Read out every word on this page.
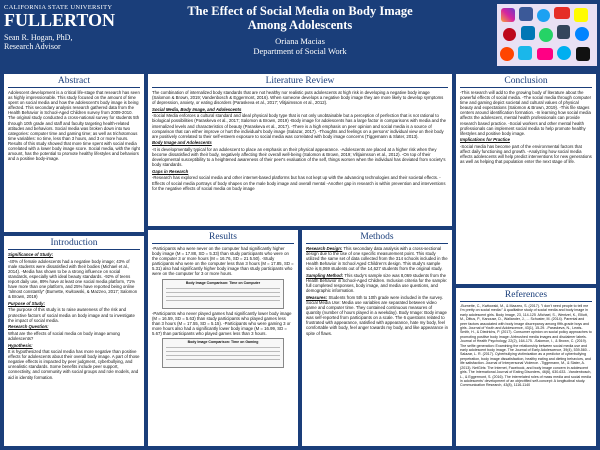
CALIFORNIA STATE UNIVERSITY
FULLERTON
Sean R. Hogan, PhD,
Research Advisor
The Effect of Social Media on Body Image
Among Adolescents
Oriana Macias
Department of Social Work
Abstract

Adolescent development is a critical life-stage that research has seen as highly impressionable. This study focused on the amount of time spent on social media and how the adolescent's body image is being affected. This secondary analysis research gathered data from the Health Behavior in School-Aged Children survey from 2009-2010. The original study conducted a cross-national survey for students 5th through 10th grade and staff and faculty targeting health-related attitudes and behaviors. Social media was broken down into two categories: computer time and gaming time; as well as trichotomous time variables: no time, less than 3 hours, and 3 or more hours. Results of this study showed that more time spent with social media correlated with a lower body image score. Social media, with the right amount, has the potential to promote healthy lifestyles and behaviors and a positive body-image.

Introduction

Significance of Study:

-40% of female adolescents had a negative body image; 43% of male students were dissatisfied with their bodies (Michael et al., 2014). -Media has shown to be a strong influence on social standards, especially with ideal beauty standards. -92% of teens report daily use, 89% have at least one social media platform, 71% have more than one platform, and 25% have reported being online "almost constantly" (Burnette, Kwitowski, & Mazzeo, 2017; Salomon & Brown, 2019)

Purpose of Study:

The purpose of this study is to raise awareness of the risk and protective factors of social media on body image and to investigate the impact of social media.

Research Question:

What are the effects of social media on body image among adolescents?

Hypothesis:

It is hypothesized that social media has more negative than positive effects for adolescents about their overall body image. A part of those negative effects is impacted by peer judgment, cyberbullying, and unrealistic standards. Some benefits include peer support, connectivity, and community with social groups and role models, and aid in identity formation.

Literature Review

The combination of internalized body standards that are not healthy nor realistic puts adolescents at high risk in developing a negative body image (Salomon & Brown, 2019; Vandenbosch & Eggermont, 2016). When someone develops a negative body image they are more likely to develop symptoms of depression, anxiety, or eating disorders (Paraskeva et al., 2017; Vlitjaimsson et al., 2012).

Social Media, Body Image, and Adolescents

-Social Media enforces a cultural standard and ideal physical body type that is not only unobtainable but a perception of perfection that is not rational to biological possibilities (Paraskeva et al., 2017; Salomon & Brown, 2019) -Body image for adolescents has a large factor in comparisons with media and the internalized levels and characteristics of beauty (Paraskeva et al., 2017). -There is a high emphasis on peer opinion and social media is a source of comparison that can either improve or hurt the individual's body image (Salazar, 2017). -Thoughts and feelings on a persons' individual view on their body are positively correlated to their self-esteem exposure to social media was correlated with body image concerns (Tiggemann & Slater, 2013).

Body Image and Adolescents

-It is developmentally typical for an adolescent to place an emphasis on their physical appearance. -Adolescents are placed at a higher risk when they become dissatisfied with their body, negatively affecting their overall well-being (Salomon & Brown, 2019; Vlitjaimsson et al., 2012). -On top of their developmental susceptibility to a heightened awareness of their peer's evaluation of the self, things worsen when the individual has deviated from society's body standards.

Gaps in Research

-Research has explored social media and other internet-based platforms but has not kept up with the advancing technologies and their societal effects. -Effects of social media portrays of body shapes on the male body image and overall mental -Another gap in research is within prevention and interventions for the negative effects of social media on body image

Results

-Participants who were never on the computer had significantly higher body image (M = 17.88, SD = 5.33) than study participants who were on the computer 3 or more hours (M = 16.76, SD = 21 5.50). -Study participants who were on the computer less than 3 hours (M = 17.85, SD = 5.31) also had significantly higher body image than study participants who were on the computer for 3 or more hours.

Body Image Comparison: Time on Computer

-Participants who never played games had significantly lower body image (M = 16.59, SD = 5.63) than study participants who played games less than 3 hours (M = 17.55, SD = 5.15). -Participants who were gaming 3 or more hours also had a significantly lower body image (M = 16.99, SD = 5.67) than participants who played games less than 3 hours.

Body Image Comparison: Time on Gaming
Methods

Research Design: This secondary data analysis with a cross-sectional design due to the use of one specific measurement point. This study utilized the same set of data collected from the 314 schools included in the Health Behavior in School Aged Children's design. This study's sample size is 8,069 students out of the 14,627 students from the original study.

Sampling Method: This study's sample size was 8,069 students from the Health Behavior in School-Aged Children. Inclusion criteria for the sample: full completed responses, body image, and media use questions, and demographic information.

Measures: Students from 5th to 10th grade were included in the survey. Social Media Use: Media use variables are separated between video game and computer time. They contained continuous measures of quantity (number of hours played in a weekday). Body Image: Body image was self-reported from participants on a scale. The 6 questions related to frustrated with appearance, satisfied with appearance, hate my body, feel comfortable with body, feel anger towards my body, and like appearance in spite of flaws.

Conclusion

-This research will add to the growing body of literature about the powerful effects of social media. -The social media through computer time and gaming depict societal and cultural values of physical beauty and expectations (Salomon & Brown, 2019). -This file stages centers around identification formation. -In learning how social media affects the adolescent, mental health professionals can provide research based practice. -Social workers and other mental health professionals can implement social media to help promote healthy lifestyles and positive body image.

Implications for Practice

-Social media has become part of the environmental factors that affect daily functioning and growth. -Analyzing how social media effects adolescents will help predict interventions for new generations as well as helping that population enter the next stage of life.

References

-Burnette, C., Kwitowski, M., & Mazzeo, S. (2017). "I don't need people to tell me I'm pretty on social media:" A qualitative study of social media and body image in early adolescent girls. Body Image, 23, 114-125 -Michael, S., Wentzel, K., Elliott, M., Dittus, P., Kanouse, D., Wallander, J., ... Schuster, M. (2014). Parental and peer factors associated with body image discrepancy among fifth-grade boys and girls. Journal of Youth and Adolescence, 43(1), 15-29. -Paraskeva, N., Lewis-Smith, H., & Diedrichs, P. (2017). Consumer opinion on social policy approaches to promoting positive body image: Airbrushed media images and disclaimer labels. Journal of Health Psychology, 22(2), 164-175. -Salomon, I., & Brown, C. (2019). The selfie generation: Examining the relationship between social media use and early adolescent body image. The Journal of Early Adolescence, 39(4), 539-560. -Salazar, L. R. (2017). Cyberbullying victimization as a predictor of cyberbullying perpetration, body image dissatisfaction, healthy eating and dieting behaviors, and life satisfaction. Journal of Interpersonal Violence. -Tiggemann, M., & Slater, A. (2013). NetGirls: The Internet, Facebook, and body image concern in adolescent girls. The International Journal of Eating Disorders, 46(6), 630-633. -Vandenbosch, L., & Eggermont, S. (2016). The interrelated roles of mass media and social media in adolescents' development of an objectified self-concept: A longitudinal study. Communication Research, 43(8), 1116-1140
